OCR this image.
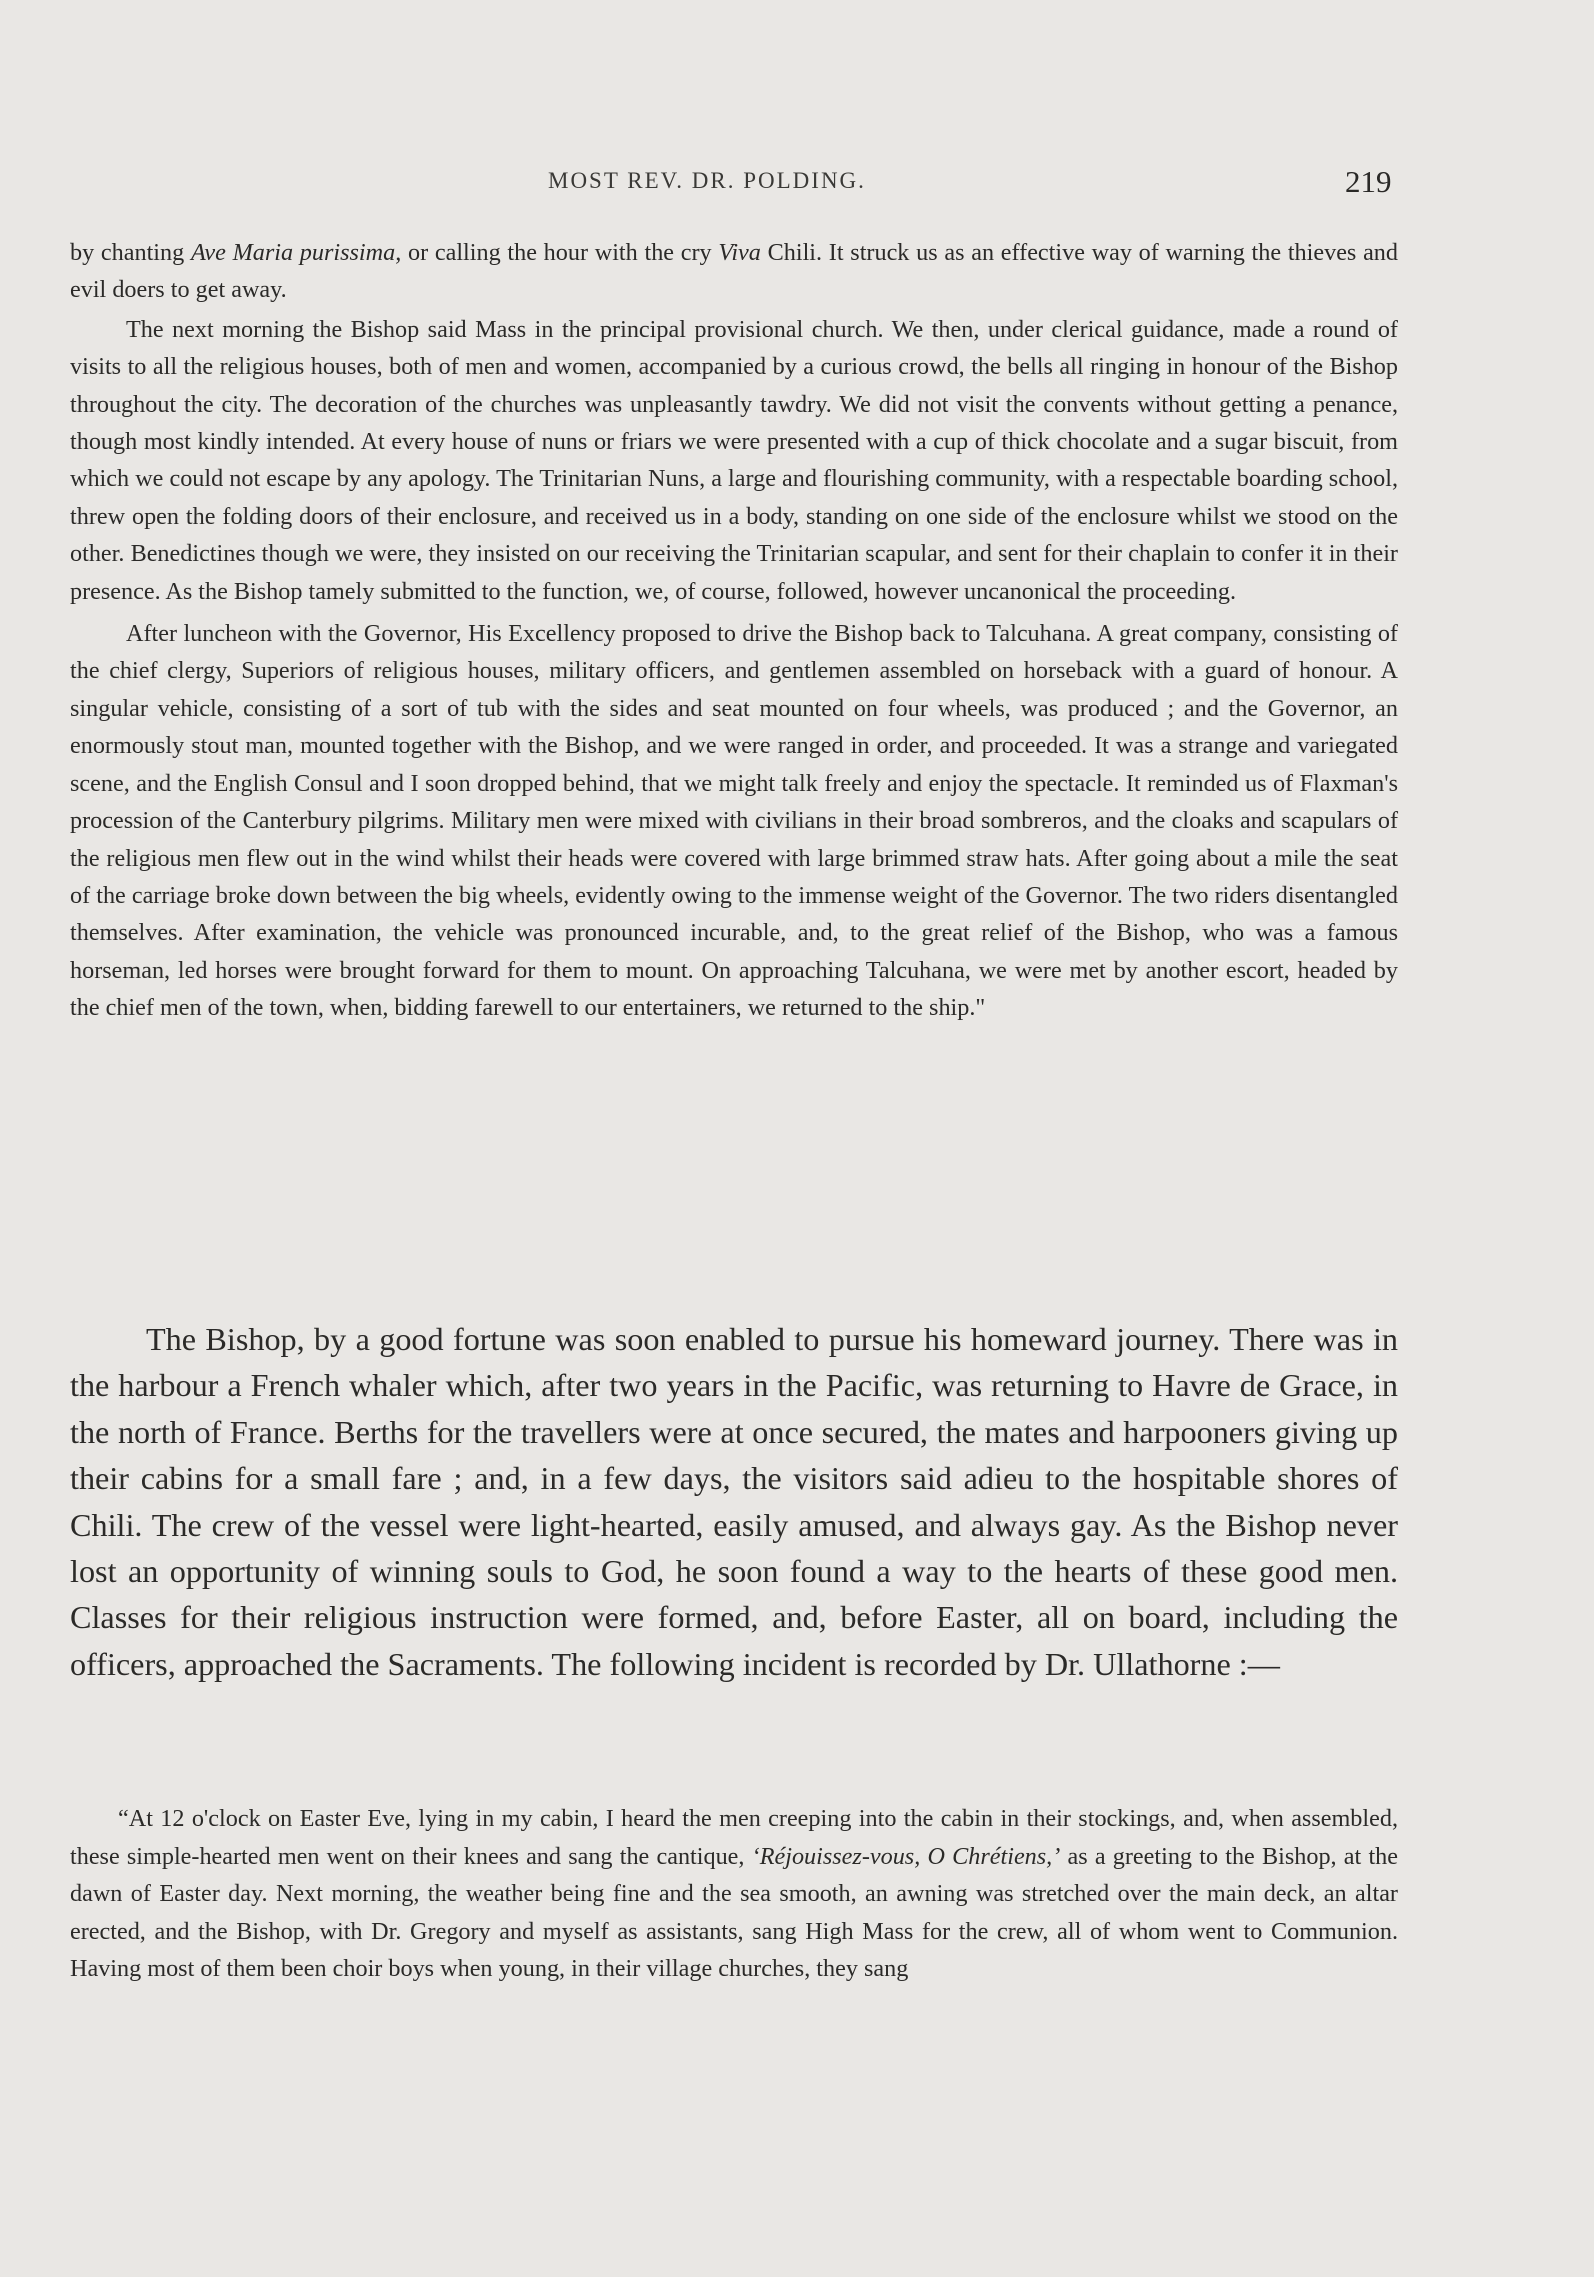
MOST REV. DR. POLDING.	219

by chanting Ave Maria purissima, or calling the hour with the cry Viva Chili. It struck us as an effective way of warning the thieves and evil doers to get away.

The next morning the Bishop said Mass in the principal provisional church. We then, under clerical guidance, made a round of visits to all the religious houses, both of men and women, accompanied by a curious crowd, the bells all ringing in honour of the Bishop throughout the city. The decoration of the churches was unpleasantly tawdry. We did not visit the convents without getting a penance, though most kindly intended. At every house of nuns or friars we were presented with a cup of thick chocolate and a sugar biscuit, from which we could not escape by any apology. The Trinitarian Nuns, a large and flourishing community, with a respectable boarding school, threw open the folding doors of their enclosure, and received us in a body, standing on one side of the enclosure whilst we stood on the other. Benedictines though we were, they insisted on our receiving the Trinitarian scapular, and sent for their chaplain to confer it in their presence. As the Bishop tamely submitted to the function, we, of course, followed, however uncanonical the proceeding.

After luncheon with the Governor, His Excellency proposed to drive the Bishop back to Talcuhana. A great company, consisting of the chief clergy, Superiors of religious houses, military officers, and gentlemen assembled on horseback with a guard of honour. A singular vehicle, consisting of a sort of tub with the sides and seat mounted on four wheels, was produced ; and the Governor, an enormously stout man, mounted together with the Bishop, and we were ranged in order, and proceeded. It was a strange and variegated scene, and the English Consul and I soon dropped behind, that we might talk freely and enjoy the spectacle. It reminded us of Flaxman's procession of the Canterbury pilgrims. Military men were mixed with civilians in their broad sombreros, and the cloaks and scapulars of the religious men flew out in the wind whilst their heads were covered with large brimmed straw hats. After going about a mile the seat of the carriage broke down between the big wheels, evidently owing to the immense weight of the Governor. The two riders disentangled themselves. After examination, the vehicle was pronounced incurable, and, to the great relief of the Bishop, who was a famous horseman, led horses were brought forward for them to mount. On approaching Talcuhana, we were met by another escort, headed by the chief men of the town, when, bidding farewell to our entertainers, we returned to the ship."

The Bishop, by a good fortune was soon enabled to pursue his homeward journey. There was in the harbour a French whaler which, after two years in the Pacific, was returning to Havre de Grace, in the north of France. Berths for the travellers were at once secured, the mates and harpooners giving up their cabins for a small fare ; and, in a few days, the visitors said adieu to the hospitable shores of Chili. The crew of the vessel were light-hearted, easily amused, and always gay. As the Bishop never lost an opportunity of winning souls to God, he soon found a way to the hearts of these good men. Classes for their religious instruction were formed, and, before Easter, all on board, including the officers, approached the Sacraments. The following incident is recorded by Dr. Ullathorne :—

“At 12 o'clock on Easter Eve, lying in my cabin, I heard the men creeping into the cabin in their stockings, and, when assembled, these simple-hearted men went on their knees and sang the cantique, ‘Réjouissez-vous, O Chrétiens,’ as a greeting to the Bishop, at the dawn of Easter day. Next morning, the weather being fine and the sea smooth, an awning was stretched over the main deck, an altar erected, and the Bishop, with Dr. Gregory and myself as assistants, sang High Mass for the crew, all of whom went to Communion. Having most of them been choir boys when young, in their village churches, they sang
